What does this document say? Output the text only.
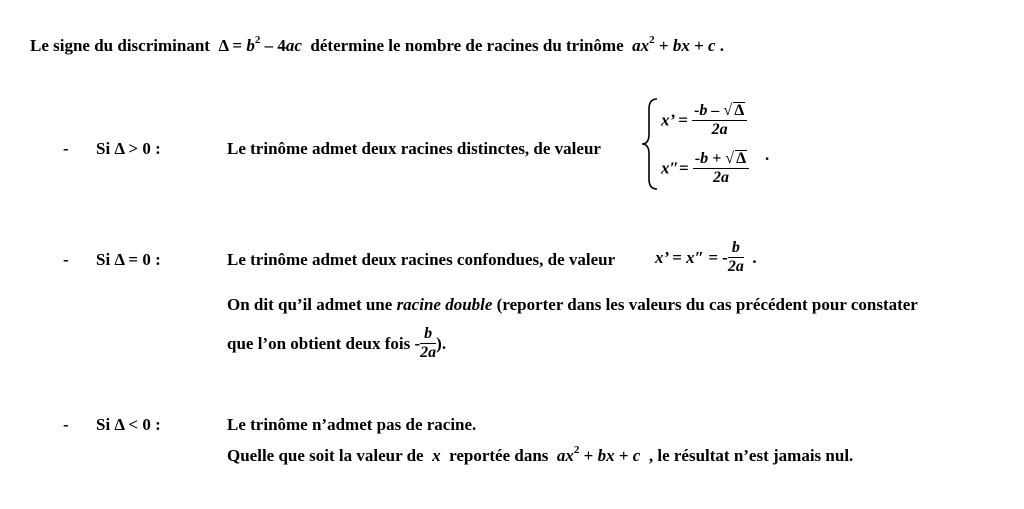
Le signe du discriminant $\Delta = b^2 - 4ac$ détermine le nombre de racines du trinôme $ax^2$ + bx + c .
- Si Δ > 0 :	Le trinôme admet deux racines distinctes, de valeur
x’ = $\frac{-b - √ \Delta}{2a}$
.
$x''= \frac{-b + √ \Delta}{2a}$
- Si Δ = 0 :	Le trinôme admet deux racines confondues, de valeur x’ = x″ = - $\frac{b}{2a}$ .
On dit qu’il admet une racine double (reporter dans les valeurs du cas précédent pour constater
que l’on obtient deux fois - $\frac{b}{2a}$ ).
- Si Δ < 0 :	Le trinôme n’admet pas de racine.
Quelle que soit la valeur de x reportée dans $ax^2$ + bx + c , le résultat n’est jamais nul.
